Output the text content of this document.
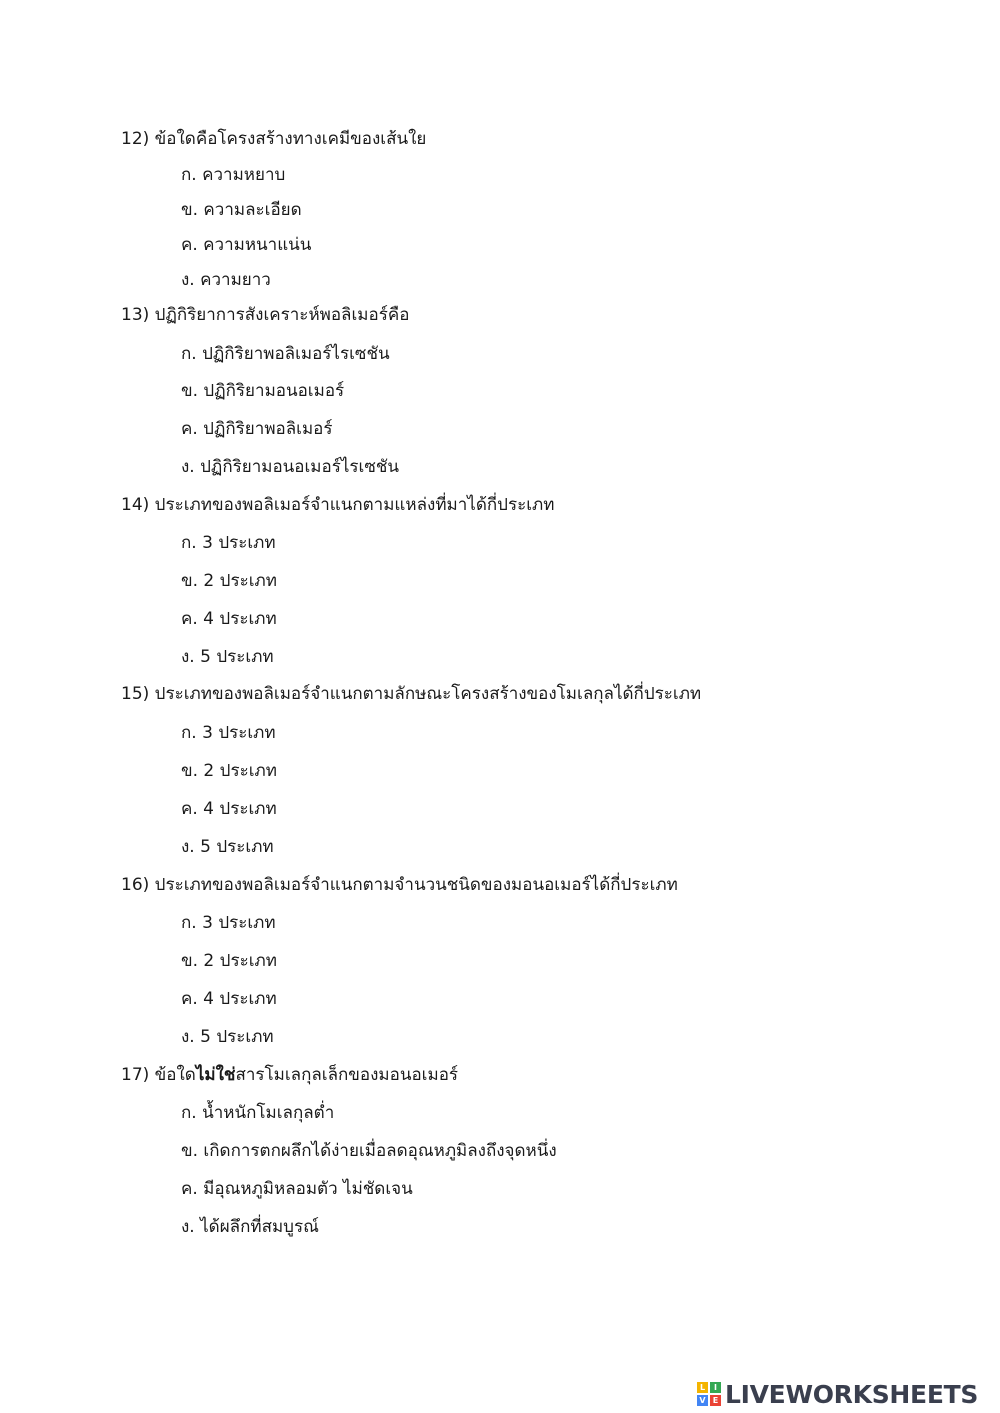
12) ข้อใดคือโครงสร้างทางเคมีของเส้นใย
ก. ความหยาบ
ข. ความละเอียด
ค. ความหนาแน่น
ง. ความยาว
13) ปฏิกิริยาการสังเคราะห์พอลิเมอร์คือ
ก. ปฏิกิริยาพอลิเมอร์ไรเซชัน
ข. ปฏิกิริยามอนอเมอร์
ค. ปฏิกิริยาพอลิเมอร์
ง. ปฏิกิริยามอนอเมอร์ไรเซชัน
14) ประเภทของพอลิเมอร์จำแนกตามแหล่งที่มาได้กี่ประเภท
ก. 3 ประเภท
ข. 2 ประเภท
ค. 4 ประเภท
ง. 5 ประเภท
15) ประเภทของพอลิเมอร์จำแนกตามลักษณะโครงสร้างของโมเลกุลได้กี่ประเภท
ก. 3 ประเภท
ข. 2 ประเภท
ค. 4 ประเภท
ง. 5 ประเภท
16) ประเภทของพอลิเมอร์จำแนกตามจำนวนชนิดของมอนอเมอร์ได้กี่ประเภท
ก. 3 ประเภท
ข. 2 ประเภท
ค. 4 ประเภท
ง. 5 ประเภท
17) ข้อใดไม่ใช่สารโมเลกุลเล็กของมอนอเมอร์
ก. น้ำหนักโมเลกุลต่ำ
ข. เกิดการตกผลึกได้ง่ายเมื่อลดอุณหภูมิลงถึงจุดหนึ่ง
ค. มีอุณหภูมิหลอมตัว ไม่ชัดเจน
ง. ได้ผลึกที่สมบูรณ์
L	I
V E LIVEWORKSHEETS
